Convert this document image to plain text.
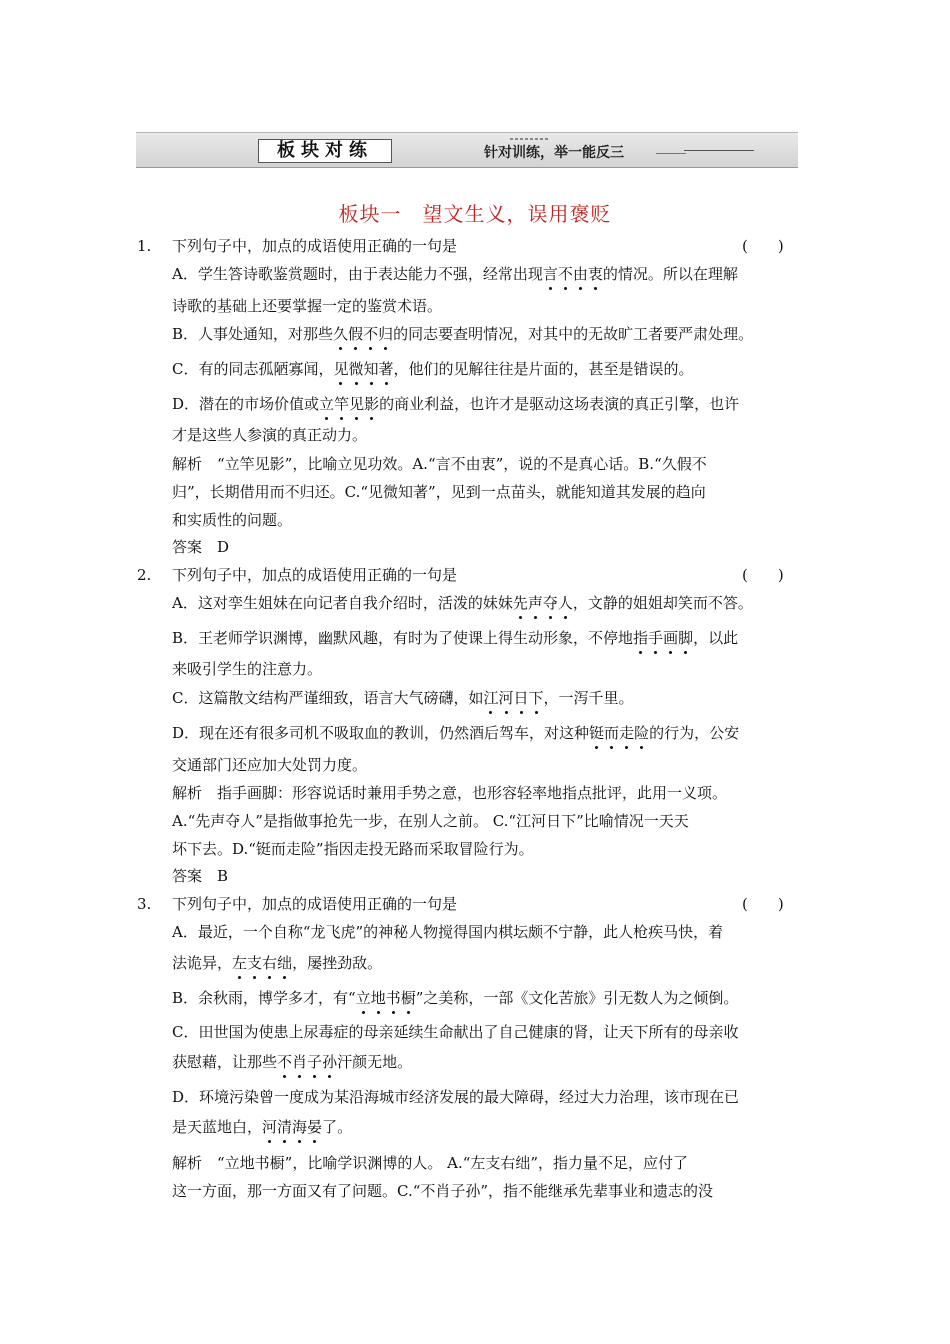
板块对练	针对训练，举一能反三
板块一　望文生义，误用褒贬
1. 下列句子中，加点的成语使用正确的一句是	(　　)
A．学生答诗歌鉴赏题时，由于表达能力不强，经常出现言不由衷的情况。所以在理解
诗歌的基础上还要掌握一定的鉴赏术语。
B．人事处通知，对那些久假不归的同志要查明情况，对其中的无故旷工者要严肃处理。
C．有的同志孤陋寡闻，见微知著，他们的见解往往是片面的，甚至是错误的。
D．潜在的市场价值或立竿见影的商业利益，也许才是驱动这场表演的真正引擎，也许
才是这些人参演的真正动力。
解析　“立竿见影”，比喻立见功效。A.“言不由衷”，说的不是真心话。B.“久假不
归”，长期借用而不归还。C.“见微知著”，见到一点苗头，就能知道其发展的趋向
和实质性的问题。
答案　D
2. 下列句子中，加点的成语使用正确的一句是	(　　)
A．这对孪生姐妹在向记者自我介绍时，活泼的妹妹先声夺人，文静的姐姐却笑而不答。
B．王老师学识渊博，幽默风趣，有时为了使课上得生动形象，不停地指手画脚，以此
来吸引学生的注意力。
C．这篇散文结构严谨细致，语言大气磅礴，如江河日下，一泻千里。
D．现在还有很多司机不吸取血的教训，仍然酒后驾车，对这种铤而走险的行为，公安
交通部门还应加大处罚力度。
解析　指手画脚：形容说话时兼用手势之意，也形容轻率地指点批评，此用一义项。
A.“先声夺人”是指做事抢先一步，在别人之前。 C.“江河日下”比喻情况一天天
坏下去。D.“铤而走险”指因走投无路而采取冒险行为。
答案　B
3. 下列句子中，加点的成语使用正确的一句是	(　　)
A．最近，一个自称“龙飞虎”的神秘人物搅得国内棋坛颇不宁静，此人枪疾马快，着
法诡异，左支右绌，屡挫劲敌。
B．余秋雨，博学多才，有“立地书橱”之美称，一部《文化苦旅》引无数人为之倾倒。
C．田世国为使患上尿毒症的母亲延续生命献出了自己健康的肾，让天下所有的母亲收
获慰藉，让那些不肖子孙汗颜无地。
D．环境污染曾一度成为某沿海城市经济发展的最大障碍，经过大力治理，该市现在已
是天蓝地白，河清海晏了。
解析　“立地书橱”，比喻学识渊博的人。 A.“左支右绌”，指力量不足，应付了
这一方面，那一方面又有了问题。C.“不肖子孙”，指不能继承先辈事业和遗志的没
